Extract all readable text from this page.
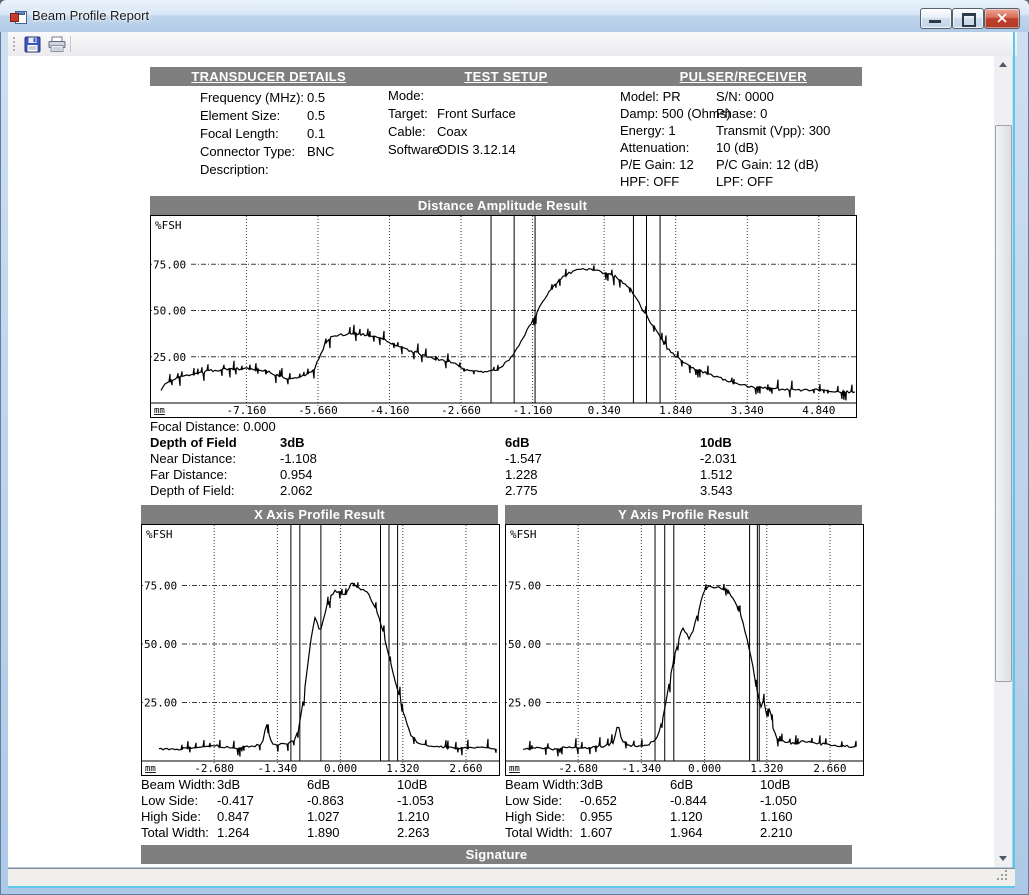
Beam Profile Report
TRANSDUCER DETAILS	TEST SETUP	PULSER/RECEIVER
Frequency (MHz): 0.5
Element Size: 0.5
Focal Length: 0.1
Connector Type: BNC
Description:
Mode:
Target: Front Surface
Cable: Coax
Software:
ODIS 3.12.14
Model: PR	S/N: 0000
Damp: 500 (Ohms)
Phase: 0
Energy: 1	Transmit (Vpp): 300
Attenuation: 10 (dB)
P/E Gain: 12 P/C Gain: 12 (dB)
HPF: OFF	LPF: OFF
Distance Amplitude Result
25.00
50.00
75.00
-7.160	-5.660	-4.160	-2.660	-1.160	0.340	1.840	3.340	4.840
%FSH
mm
Focal Distance: 0.000
Depth of Field	3dB	6dB	10dB
Near Distance:	-1.108	-1.547	-2.031
Far Distance:	0.954	1.228	1.512
Depth of Field:	2.062	2.775	3.543
X Axis Profile Result	Y Axis Profile Result
25.00
50.00
75.00
-2.680 -1.340 0.000	1.320	2.660
%FSH
mm
25.00
50.00
75.00
-2.680 -1.340 0.000	1.320	2.660
%FSH
mm
Beam Width: 3dB	6dB	10dB
Low Side: -0.417	-0.863	-1.053
High Side: 0.847	1.027	1.210
Total Width: 1.264	1.890	2.263
Beam Width: 3dB	6dB	10dB
Low Side: -0.652	-0.844	-1.050
High Side: 0.955	1.120	1.160
Total Width: 1.607	1.964	2.210
Signature
